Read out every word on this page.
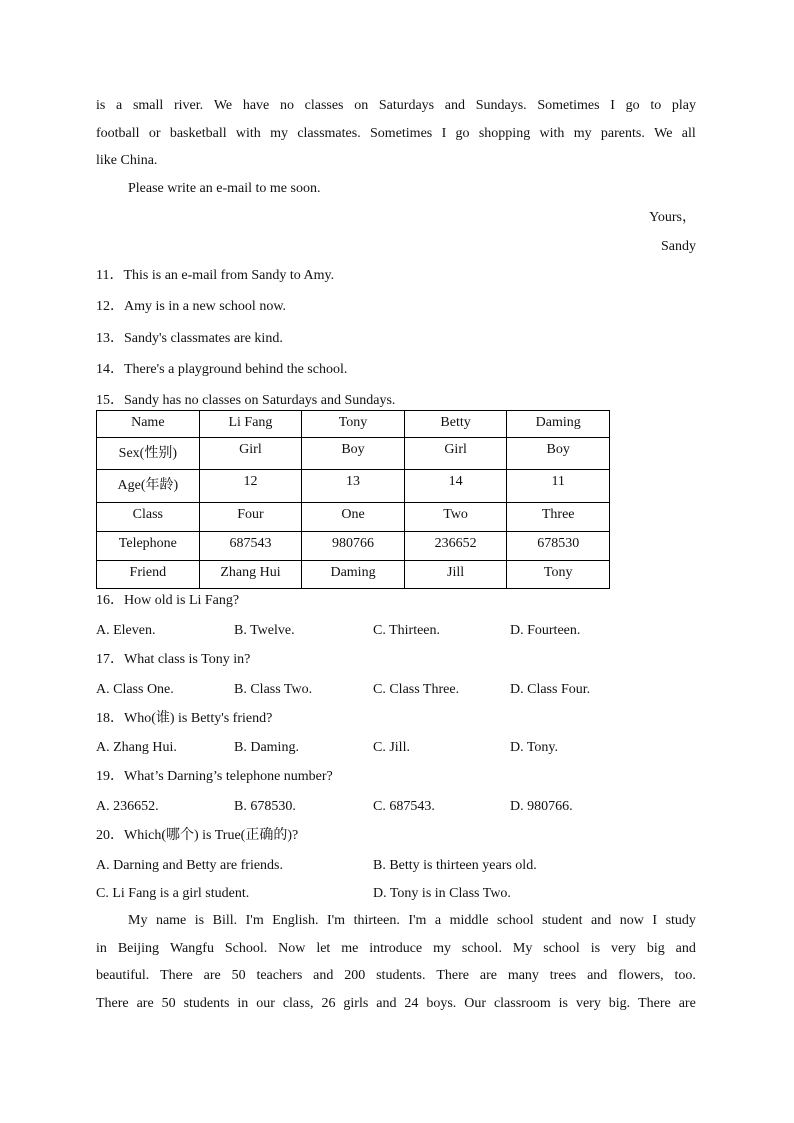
is a small river. We have no classes on Saturdays and Sundays. Sometimes I go to play
football or basketball with my classmates. Sometimes I go shopping with my parents. We all
like China.
Please write an e-mail to me soon.
Yours，
Sandy
11．This is an e-mail from Sandy to Amy.
12．Amy is in a new school now.
13．Sandy's classmates are kind.
14．There's a playground behind the school.
15．Sandy has no classes on Saturdays and Sundays.
Name	Li Fang	Tony	Betty	Daming
Sex(性别)	Girl	Boy	Girl	Boy
Age(年龄)	12	13	14	11
Class	Four	One	Two	Three
Telephone	687543	980766	236652	678530
Friend	Zhang Hui	Daming	Jill	Tony
16．How old is Li Fang?
A. Eleven.	B. Twelve.	C. Thirteen.	D. Fourteen.
17．What class is Tony in?
A. Class One.	B. Class Two.	C. Class Three.	D. Class Four.
18．Who(谁) is Betty's friend?
A. Zhang Hui.	B. Daming.	C. Jill.	D. Tony.
19．What’s Darning’s telephone number?
A. 236652.	B. 678530.	C. 687543.	D. 980766.
20．Which(哪个) is True(正确的)?
A. Darning and Betty are friends.	B. Betty is thirteen years old.
C. Li Fang is a girl student.	D. Tony is in Class Two.
My name is Bill. I'm English. I'm thirteen. I'm a middle school student and now I study
in Beijing Wangfu School. Now let me introduce my school. My school is very big and
beautiful. There are 50 teachers and 200 students. There are many trees and flowers, too.
There are 50 students in our class, 26 girls and 24 boys. Our classroom is very big. There are
